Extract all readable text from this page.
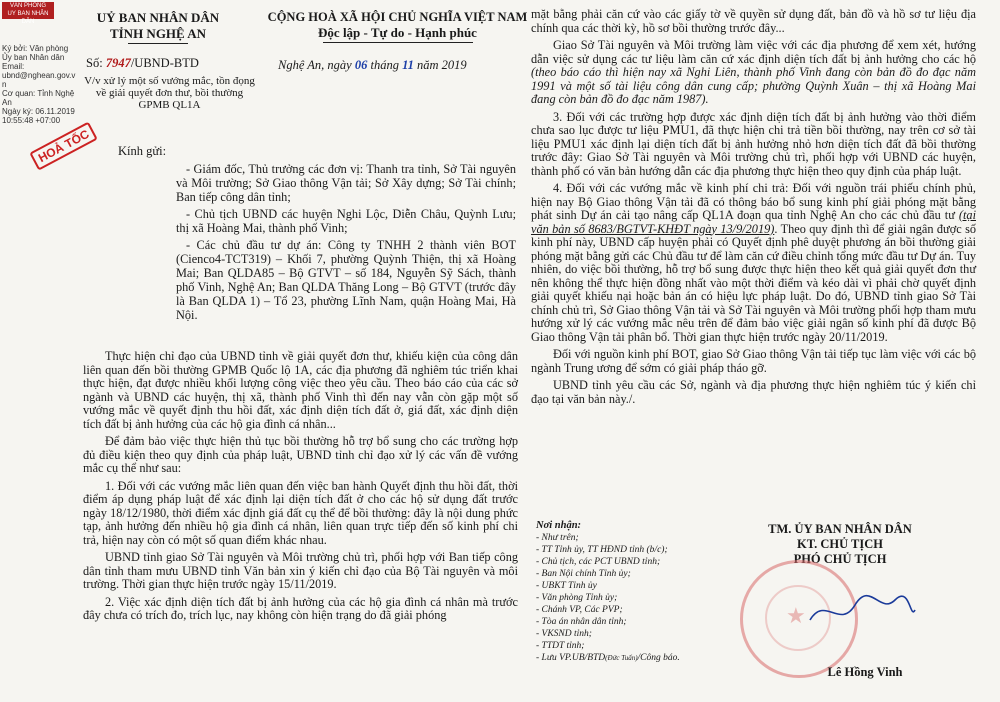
VĂN PHÒNG
UY BAN NHÂN DÂN
Ký bởi: Văn phòng
Ủy ban Nhân dân
Email:
ubnd@nghean.gov.v
n
Cơ quan: Tỉnh Nghệ
An
Ngày ký: 06.11.2019
10:55:48 +07:00
UỶ BAN NHÂN DÂN
TỈNH NGHỆ AN
Số: 7947/UBND-BTD
V/v xử lý một số vướng mắc, tồn đọng về giải quyết đơn thư, bồi thường GPMB QL1A
HOẢ TỐC
CỘNG HOÀ XÃ HỘI CHỦ NGHĨA VIỆT NAM
Độc lập - Tự do - Hạnh phúc
Nghệ An, ngày 06 tháng 11 năm 2019
Kính gửi:
- Giám đốc, Thủ trưởng các đơn vị: Thanh tra tỉnh, Sở Tài nguyên và Môi trường; Sở Giao thông Vận tải; Sở Xây dựng; Sở Tài chính; Ban tiếp công dân tỉnh;
- Chủ tịch UBND các huyện Nghi Lộc, Diễn Châu, Quỳnh Lưu; thị xã Hoàng Mai, thành phố Vinh;
- Các chủ đầu tư dự án: Công ty TNHH 2 thành viên BOT (Cienco4-TCT319) – Khối 7, phường Quỳnh Thiện, thị xã Hoàng Mai; Ban QLDA85 – Bộ GTVT – số 184, Nguyễn Sỹ Sách, thành phố Vinh, Nghệ An; Ban QLDA Thăng Long – Bộ GTVT (trước đây là Ban QLDA 1) – Tổ 23, phường Lĩnh Nam, quận Hoàng Mai, Hà Nội.

Thực hiện chỉ đạo của UBND tỉnh về giải quyết đơn thư, khiếu kiện của công dân liên quan đến bồi thường GPMB Quốc lộ 1A, các địa phương đã nghiêm túc triển khai thực hiện, đạt được nhiều khối lượng công việc theo yêu cầu. Theo báo cáo của các sở ngành và UBND các huyện, thị xã, thành phố Vinh thì đến nay vẫn còn gặp một số vướng mắc về quyết định thu hồi đất, xác định diện tích đất ở, giá đất, xác định diện tích đất bị ảnh hưởng của các hộ gia đình cá nhân...

Để đảm bảo việc thực hiện thủ tục bồi thường hỗ trợ bổ sung cho các trường hợp đủ điều kiện theo quy định của pháp luật, UBND tỉnh chỉ đạo xử lý các vấn đề vướng mắc cụ thể như sau:

1. Đối với các vướng mắc liên quan đến việc ban hành Quyết định thu hồi đất, thời điểm áp dụng pháp luật để xác định lại diện tích đất ở cho các hộ sử dụng đất trước ngày 18/12/1980, thời điểm xác định giá đất cụ thể để bồi thường: đây là nội dung phức tạp, ảnh hưởng đến nhiều hộ gia đình cá nhân, liên quan trực tiếp đến số kinh phí chi trả, hiện nay còn có một số quan điểm khác nhau.

UBND tỉnh giao Sở Tài nguyên và Môi trường chủ trì, phối hợp với Ban tiếp công dân tỉnh tham mưu UBND tỉnh Văn bản xin ý kiến chỉ đạo của Bộ Tài nguyên và môi trường. Thời gian thực hiện trước ngày 15/11/2019.

2. Việc xác định diện tích đất bị ảnh hưởng của các hộ gia đình cá nhân mà trước đây chưa có trích đo, trích lục, nay không còn hiện trạng do đã giải phóng

mặt bằng phải căn cứ vào các giấy tờ về quyền sử dụng đất, bản đồ và hồ sơ tư liệu địa chính qua các thời kỳ, hồ sơ bồi thường trước đây...

Giao Sở Tài nguyên và Môi trường làm việc với các địa phương để xem xét, hướng dẫn việc sử dụng các tư liệu làm căn cứ xác định diện tích đất bị ảnh hưởng cho các hộ (theo báo cáo thì hiện nay xã Nghi Liên, thành phố Vinh đang còn bản đồ đo đạc năm 1991 và một số tài liệu công dân cung cấp; phường Quỳnh Xuân – thị xã Hoàng Mai đang còn bản đồ đo đạc năm 1987).

3. Đối với các trường hợp được xác định diện tích đất bị ảnh hưởng vào thời điểm chưa sao lục được tư liệu PMU1, đã thực hiện chi trả tiền bồi thường, nay trên cơ sở tài liệu PMU1 xác định lại diện tích đất bị ảnh hưởng nhỏ hơn diện tích đất đã bồi thường trước đây: Giao Sở Tài nguyên và Môi trường chủ trì, phối hợp với UBND các huyện, thành phố có văn bản hướng dẫn các địa phương thực hiện theo quy định của pháp luật.

4. Đối với các vướng mắc về kinh phí chi trả: Đối với nguồn trái phiếu chính phủ, hiện nay Bộ Giao thông Vận tải đã có thông báo bổ sung kinh phí giải phóng mặt bằng phát sinh Dự án cải tạo nâng cấp QL1A đoạn qua tỉnh Nghệ An cho các chủ đầu tư (tại văn bản số 8683/BGTVT-KHĐT ngày 13/9/2019). Theo quy định thì để giải ngân được số kinh phí này, UBND cấp huyện phải có Quyết định phê duyệt phương án bồi thường giải phóng mặt bằng gửi các Chủ đầu tư để làm căn cứ điều chỉnh tổng mức đầu tư Dự án. Tuy nhiên, do việc bồi thường, hỗ trợ bổ sung được thực hiện theo kết quả giải quyết đơn thư nên không thể thực hiện đồng nhất vào một thời điểm và kéo dài vì phải chờ quyết định giải quyết khiếu nại hoặc bản án có hiệu lực pháp luật. Do đó, UBND tỉnh giao Sở Tài chính chủ trì, Sở Giao thông Vận tải và Sở Tài nguyên và Môi trường phối hợp tham mưu hướng xử lý các vướng mắc nêu trên để đảm bảo việc giải ngân số kinh phí đã được Bộ Giao thông Vận tải phân bổ. Thời gian thực hiện trước ngày 20/11/2019.

Đối với nguồn kinh phí BOT, giao Sở Giao thông Vận tải tiếp tục làm việc với các bộ ngành Trung ương để sớm có giải pháp tháo gỡ.

UBND tỉnh yêu cầu các Sở, ngành và địa phương thực hiện nghiêm túc ý kiến chỉ đạo tại văn bản này./.

Nơi nhận:
- Như trên;
- TT Tỉnh ủy, TT HĐND tỉnh (b/c);
- Chủ tịch, các PCT UBND tỉnh;
- Ban Nội chính Tỉnh ủy;
- UBKT Tỉnh ủy
- Văn phòng Tỉnh ủy;
- Chánh VP, Các PVP;
- Tòa án nhân dân tỉnh;
- VKSND tỉnh;
- TTDT tỉnh;
- Lưu VP.UB/BTD(Đức Tuấn)/Công báo.
TM. ỦY BAN NHÂN DÂN
KT. CHỦ TỊCH
PHÓ CHỦ TỊCH
★
Lê Hồng Vinh
